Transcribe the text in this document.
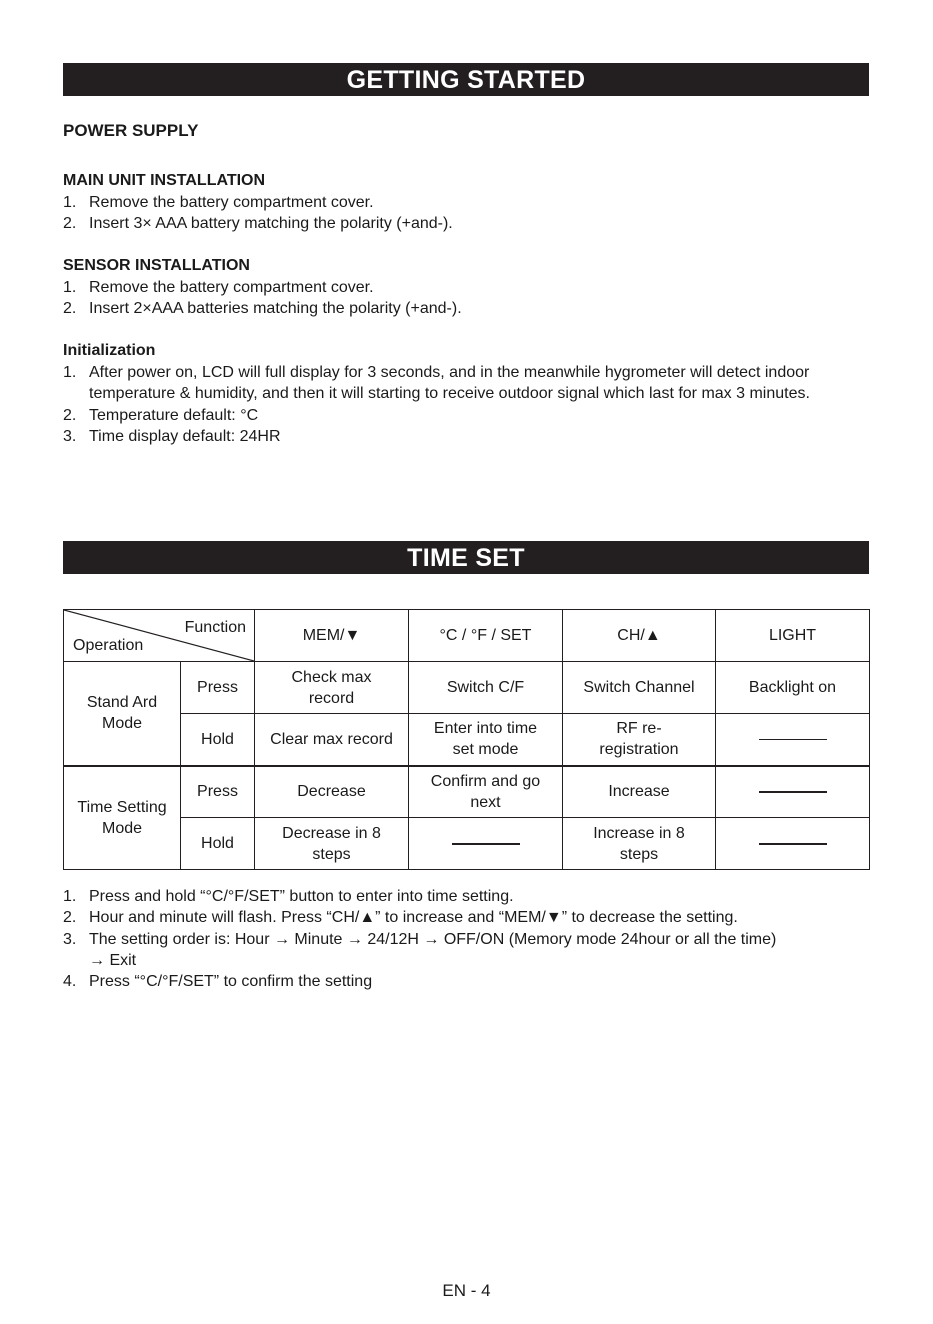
GETTING STARTED
POWER SUPPLY
MAIN UNIT INSTALLATION
1. Remove the battery compartment cover.
2. Insert 3× AAA battery matching the polarity (+and-).
SENSOR INSTALLATION
1. Remove the battery compartment cover.
2. Insert 2×AAA batteries matching the polarity (+and-).
Initialization
1. After power on, LCD will full display for 3 seconds, and in the meanwhile hygrometer will detect indoor temperature & humidity, and then it will starting to receive outdoor signal which last for max 3 minutes.
2. Temperature default: °C
3. Time display default: 24HR
TIME SET
Function
Operation		MEM/▼	°C / °F / SET	CH/▲	LIGHT
Stand Ard Mode	Press	Check max record	Switch C/F	Switch Channel	Backlight on
	Hold	Clear max record	Enter into time set mode	RF re-registration	
Time Setting Mode	Press	Decrease	Confirm and go next	Increase	
	Hold	Decrease in 8 steps		Increase in 8 steps	
1. Press and hold “°C/°F/SET” button to enter into time setting.
2. Hour and minute will flash. Press “CH/▲” to increase and “MEM/▼” to decrease the setting.
3. The setting order is: Hour → Minute → 24/12H → OFF/ON (Memory mode 24hour or all the time)
→ Exit
4. Press “°C/°F/SET” to confirm the setting
EN - 4
